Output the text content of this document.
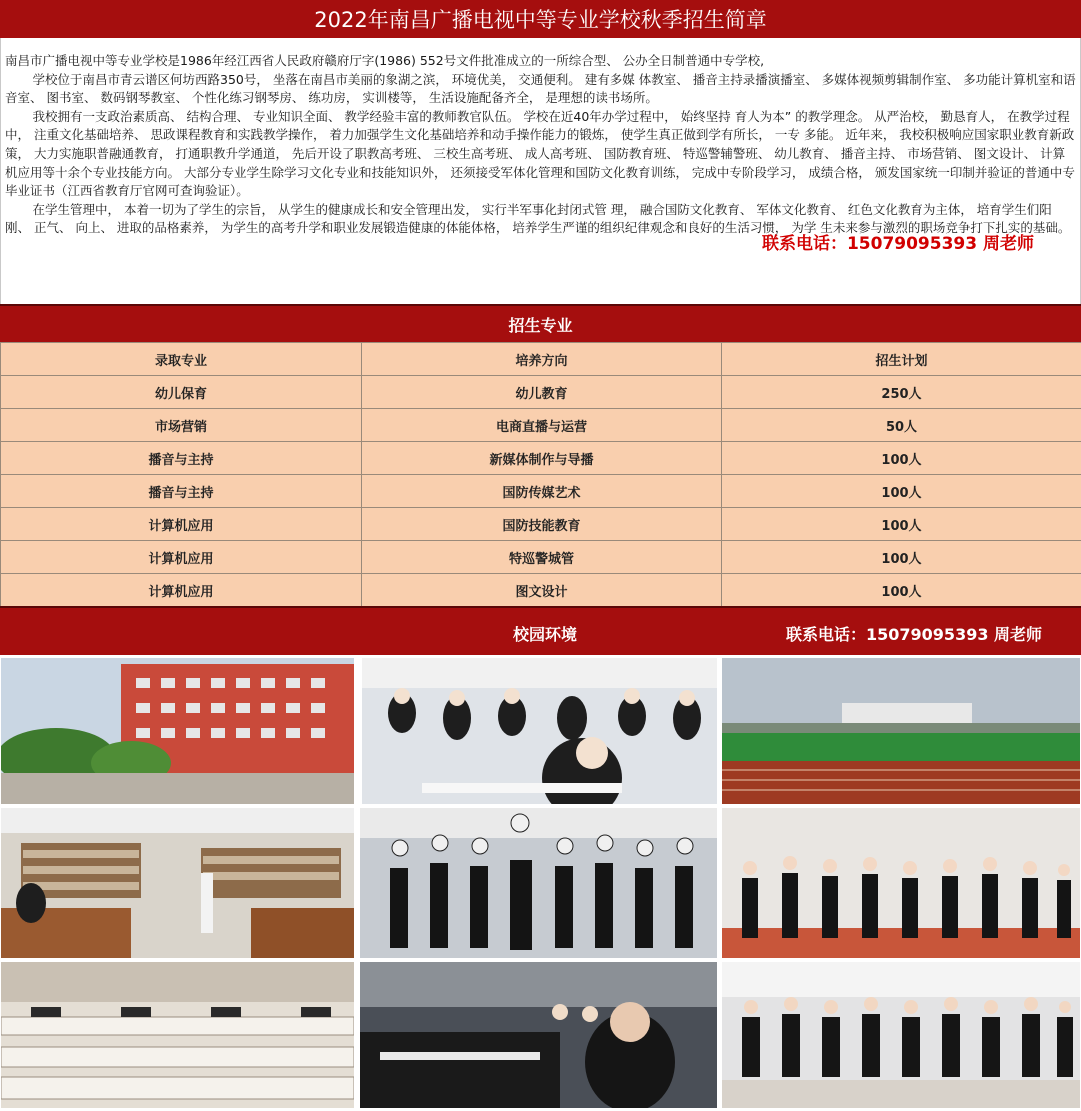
2022年南昌广播电视中等专业学校秋季招生简章

南昌市广播电视中等专业学校是1986年经江西省人民政府赣府厅字(1986) 552号文件批准成立的一所综合型、 公办全日制普通中专学校,

学校位于南昌市青云谱区何坊西路350号， 坐落在南昌市美丽的象湖之滨， 环境优美， 交通便利。 建有多媒 体教室、 播音主持录播演播室、 多媒体视频剪辑制作室、 多功能计算机室和语音室、 图书室、 数码钢琴教室、 个性化练习钢琴房、 练功房， 实训楼等， 生活设施配备齐全， 是理想的读书场所。

我校拥有一支政治素质高、 结构合理、 专业知识全面、 教学经验丰富的教师教官队伍。 学校在近40年办学过程中， 始终坚持 育人为本” 的教学理念。 从严治校， 勤恳育人， 在教学过程中， 注重文化基础培养、 思政课程教育和实践教学操作， 着力加强学生文化基础培养和动手操作能力的锻炼， 使学生真正做到学有所长， 一专 多能。 近年来， 我校积极响应国家职业教育新政策， 大力实施职普融通教育， 打通职教升学通道， 先后开设了职教高考班、 三校生高考班、 成人高考班、 国防教育班、 特巡警辅警班、 幼儿教育、 播音主持、 市场营销、 图文设计、 计算机应用等十余个专业技能方向。 大部分专业学生除学习文化专业和技能知识外， 还须接受军体化管理和国防文化教育训练， 完成中专阶段学习， 成绩合格， 颁发国家统一印制并验证的普通中专毕业证书（江西省教育厅官网可查询验证）。

在学生管理中， 本着一切为了学生的宗旨， 从学生的健康成长和安全管理出发， 实行半军事化封闭式管 理， 融合国防文化教育、 军体文化教育、 红色文化教育为主体， 培育学生们阳刚、 正气、 向上、 进取的品格素养， 为学生的高考升学和职业发展锻造健康的体能体格， 培养学生严谨的组织纪律观念和良好的生活习惯， 为学 生未来参与激烈的职场竞争打下扎实的基础。
联系电话：15079095393 周老师

招生专业
录取专业	培养方向	招生计划
幼儿保育	幼儿教育	250人
市场营销	电商直播与运营	50人
播音与主持	新媒体制作与导播	100人
播音与主持	国防传媒艺术	100人
计算机应用	国防技能教育	100人
计算机应用	特巡警城管	100人
计算机应用	图文设计	100人
校园环境	联系电话：15079095393 周老师
